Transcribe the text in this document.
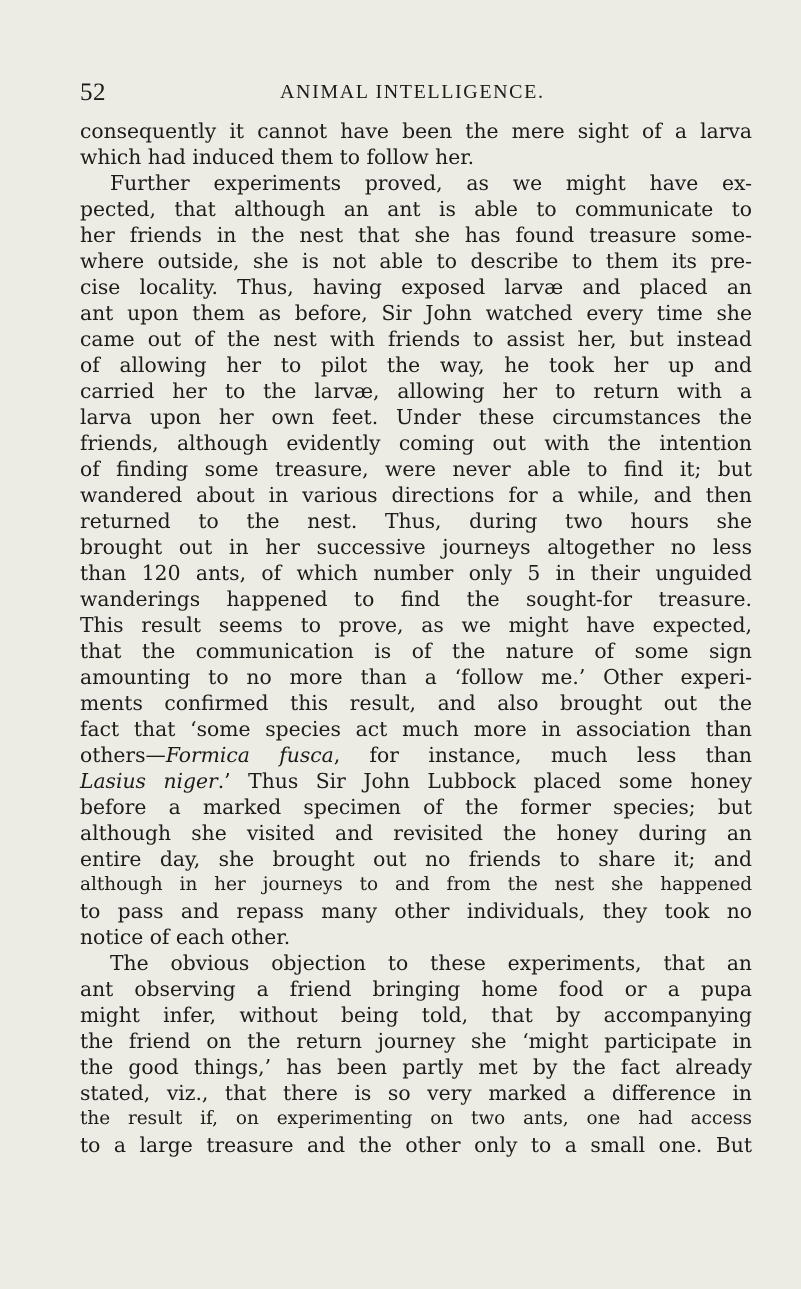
52	ANIMAL INTELLIGENCE.
consequently it cannot have been the mere sight of a larva
which had induced them to follow her.
Further experiments proved, as we might have ex-
pected, that although an ant is able to communicate to
her friends in the nest that she has found treasure some-
where outside, she is not able to describe to them its pre-
cise locality. Thus, having exposed larvæ and placed an
ant upon them as before, Sir John watched every time she
came out of the nest with friends to assist her, but instead
of allowing her to pilot the way, he took her up and
carried her to the larvæ, allowing her to return with a
larva upon her own feet. Under these circumstances the
friends, although evidently coming out with the intention
of finding some treasure, were never able to find it; but
wandered about in various directions for a while, and then
returned to the nest. Thus, during two hours she
brought out in her successive journeys altogether no less
than 120 ants, of which number only 5 in their unguided
wanderings happened to find the sought-for treasure.
This result seems to prove, as we might have expected,
that the communication is of the nature of some sign
amounting to no more than a ‘follow me.’ Other experi-
ments confirmed this result, and also brought out the
fact that ‘some species act much more in association than
others—Formica fusca, for instance, much less than
Lasius niger.’ Thus Sir John Lubbock placed some honey
before a marked specimen of the former species; but
although she visited and revisited the honey during an
entire day, she brought out no friends to share it; and
although in her journeys to and from the nest she happened
to pass and repass many other individuals, they took no
notice of each other.
The obvious objection to these experiments, that an
ant observing a friend bringing home food or a pupa
might infer, without being told, that by accompanying
the friend on the return journey she ‘might participate in
the good things,’ has been partly met by the fact already
stated, viz., that there is so very marked a difference in
the result if, on experimenting on two ants, one had access
to a large treasure and the other only to a small one. But
